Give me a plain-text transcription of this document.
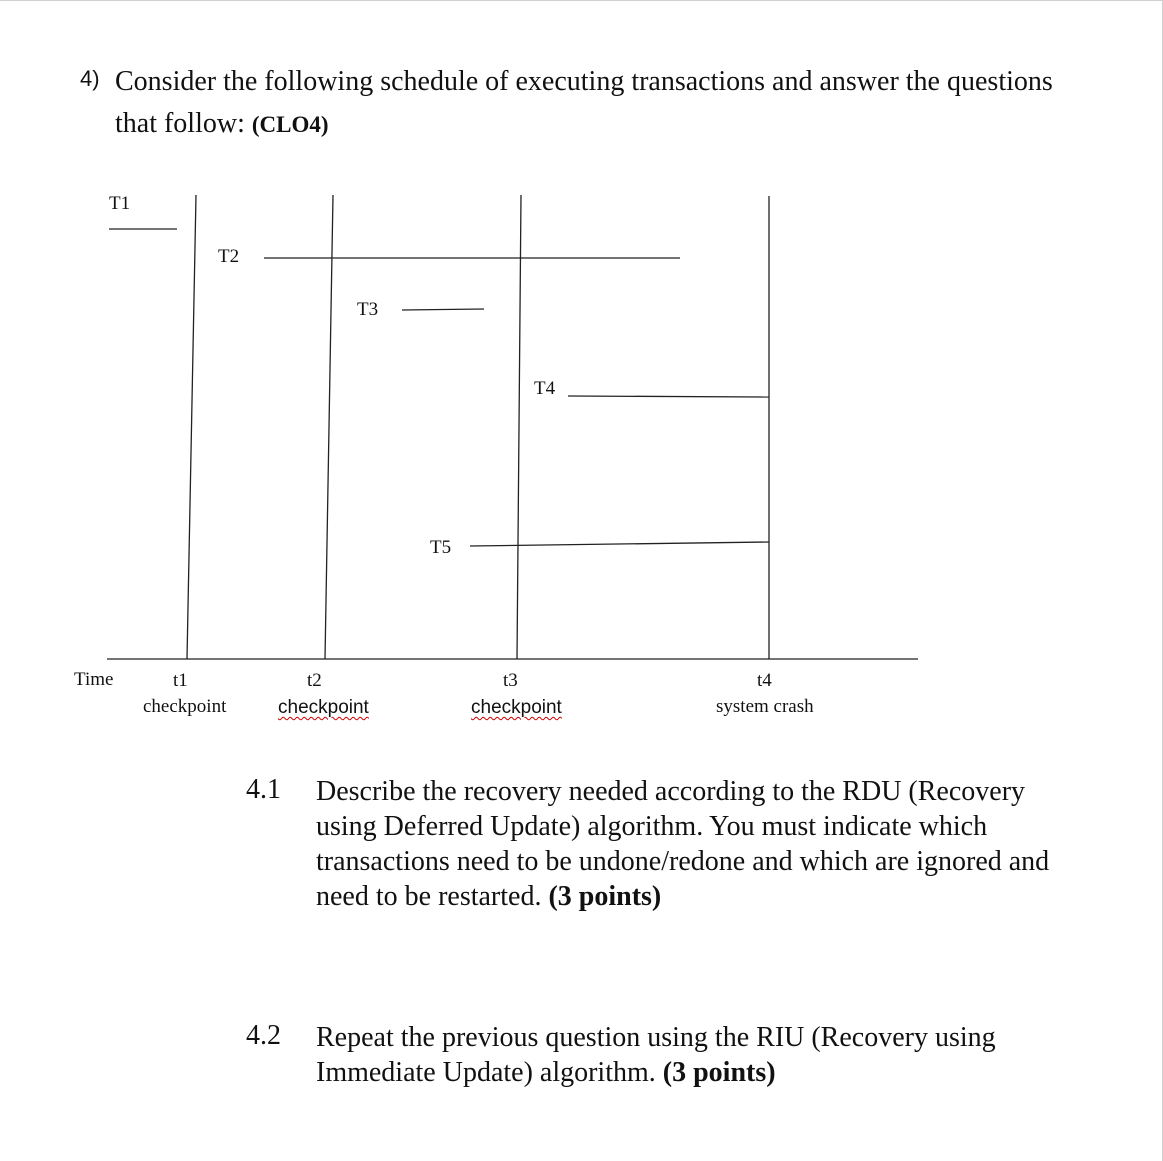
4) Consider the following schedule of executing transactions and answer the questions
that follow: (CLO4)
T1
T2
T3
T4
T5
Time	t1
checkpoint
t2
checkpoint
t3
checkpoint
t4
system crash
4.1 Describe the recovery needed according to the RDU (Recovery
using Deferred Update) algorithm. You must indicate which
transactions need to be undone/redone and which are ignored and
need to be restarted. (3 points)
4.2 Repeat the previous question using the RIU (Recovery using
Immediate Update) algorithm. (3 points)
